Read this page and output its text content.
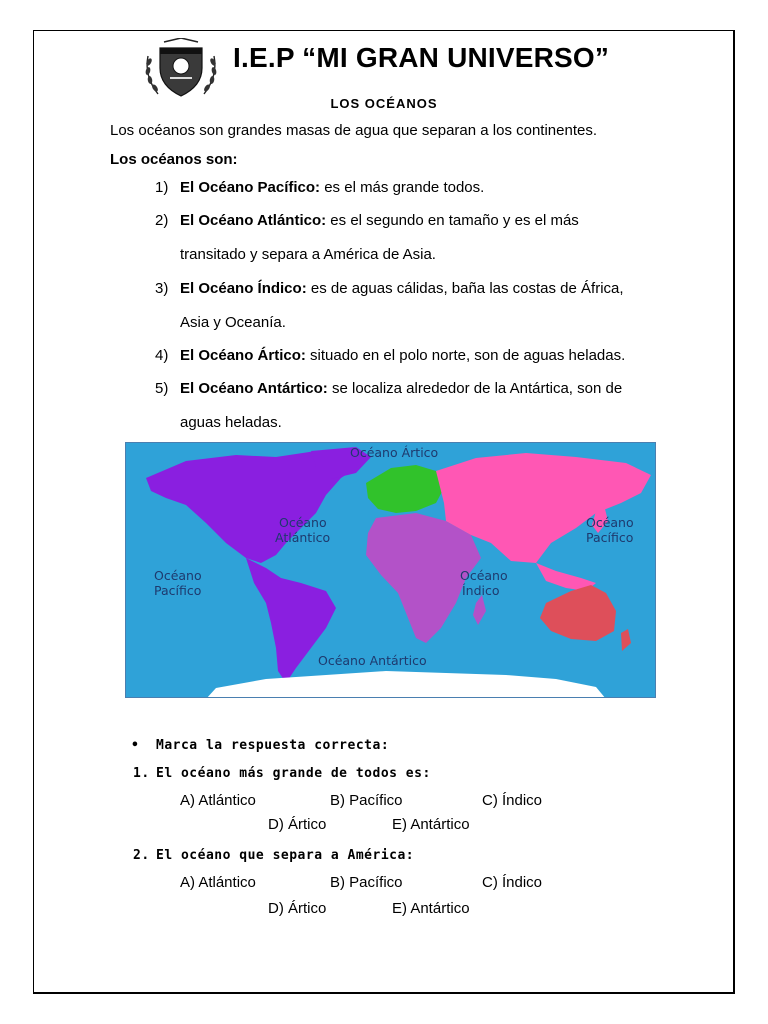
I.E.P “MI GRAN UNIVERSO”
LOS OCÉANOS
Los océanos son grandes masas de agua que separan a los continentes.
Los océanos son:
1) El Océano Pacífico: es el más grande todos.
2) El Océano Atlántico: es el segundo en tamaño y es el más
transitado y separa a América de Asia.
3) El Océano Índico: es de aguas cálidas, baña las costas de África,
Asia y Oceanía.
4) El Océano Ártico: situado en el polo norte, son de aguas heladas.
5) El Océano Antártico: se localiza alrededor de la Antártica, son de
aguas heladas.
Océano Ártico
Océano
Atlántico
Océano
Pacífico
Océano
Pacífico
Océano
Índico
Océano Antártico
• Marca la respuesta correcta:
1. El océano más grande de todos es:
A) Atlántico	B) Pacífico	C) Índico
D) Ártico	E) Antártico
2. El océano que separa a América:
A) Atlántico	B) Pacífico	C) Índico
D) Ártico	E) Antártico
